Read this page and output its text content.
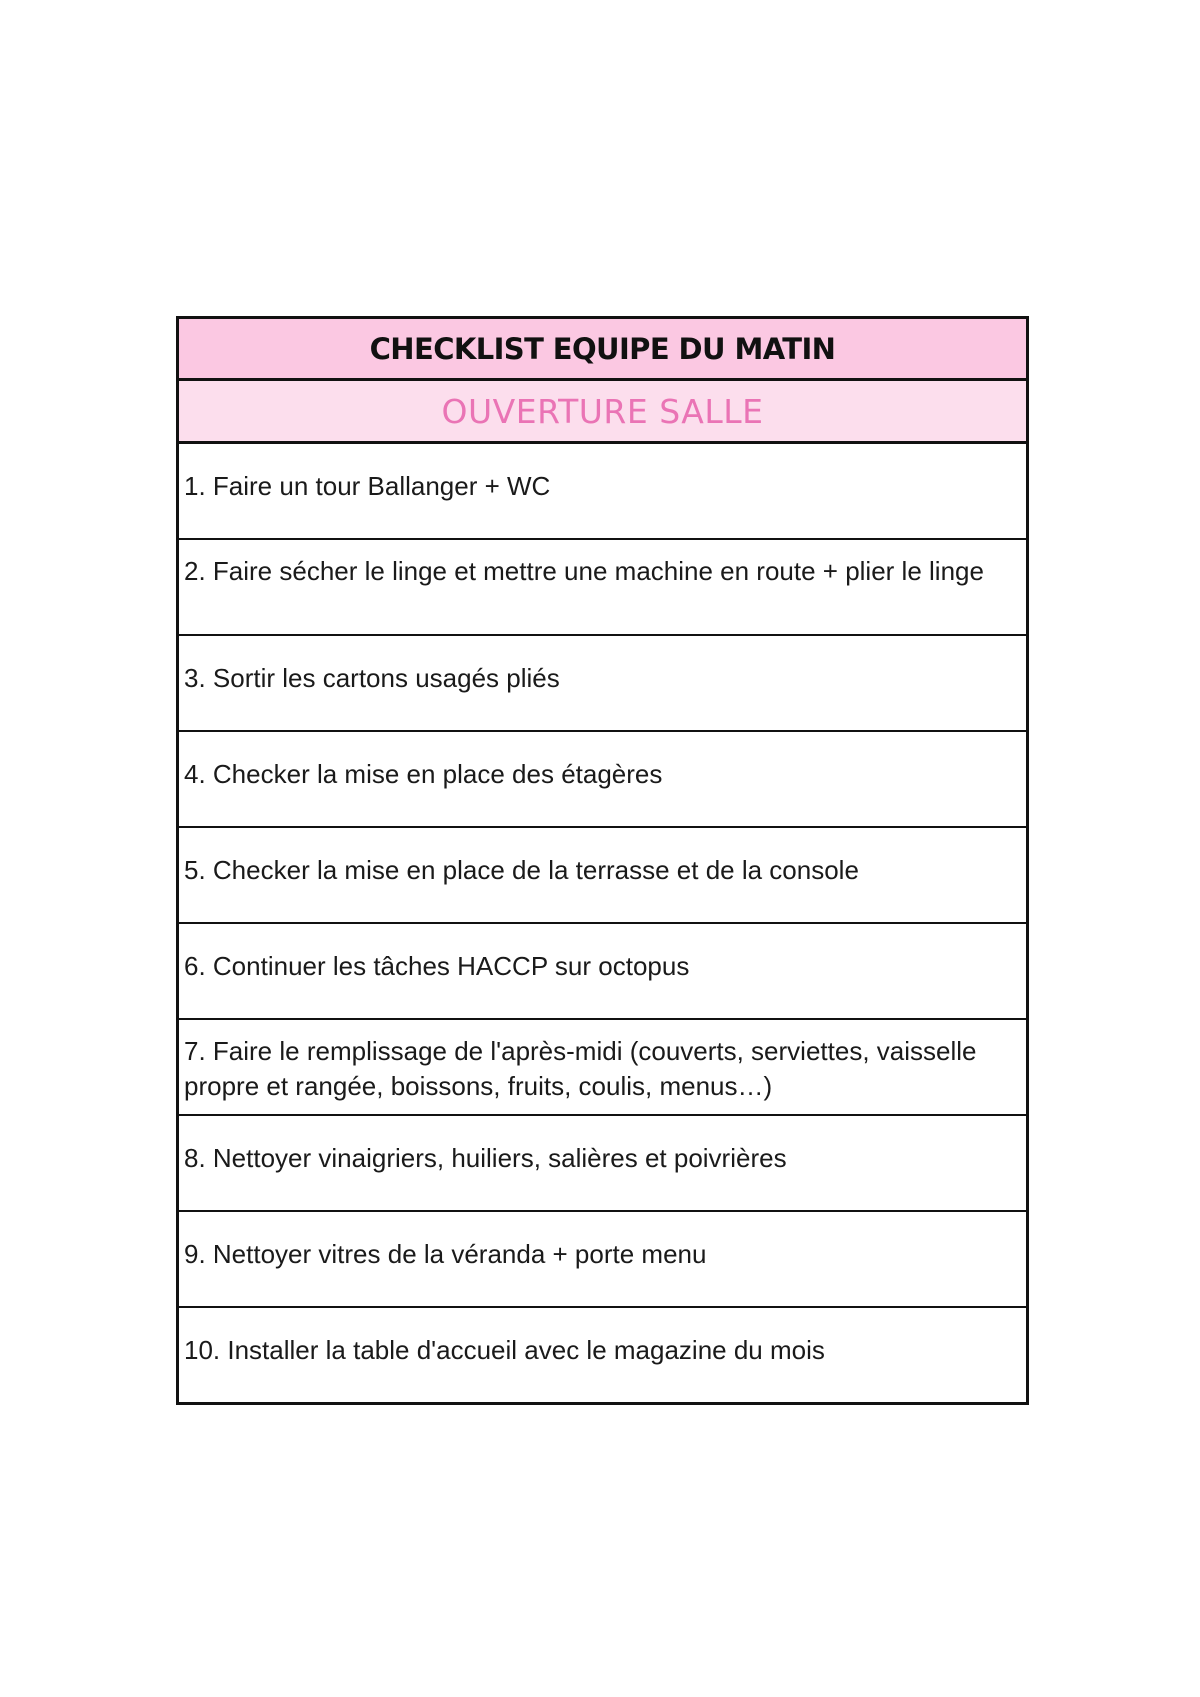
CHECKLIST EQUIPE DU MATIN
OUVERTURE SALLE
1. Faire un tour Ballanger + WC
2. Faire sécher le linge et mettre une machine en route + plier le linge
3. Sortir les cartons usagés pliés
4. Checker la mise en place des étagères
5. Checker la mise en place de la terrasse et de la console
6. Continuer les tâches HACCP sur octopus
7. Faire le remplissage de l'après-midi (couverts, serviettes, vaisselle propre et rangée, boissons, fruits, coulis, menus…)
8. Nettoyer vinaigriers, huiliers, salières et poivrières
9. Nettoyer vitres de la véranda + porte menu
10. Installer la table d'accueil avec le magazine du mois
